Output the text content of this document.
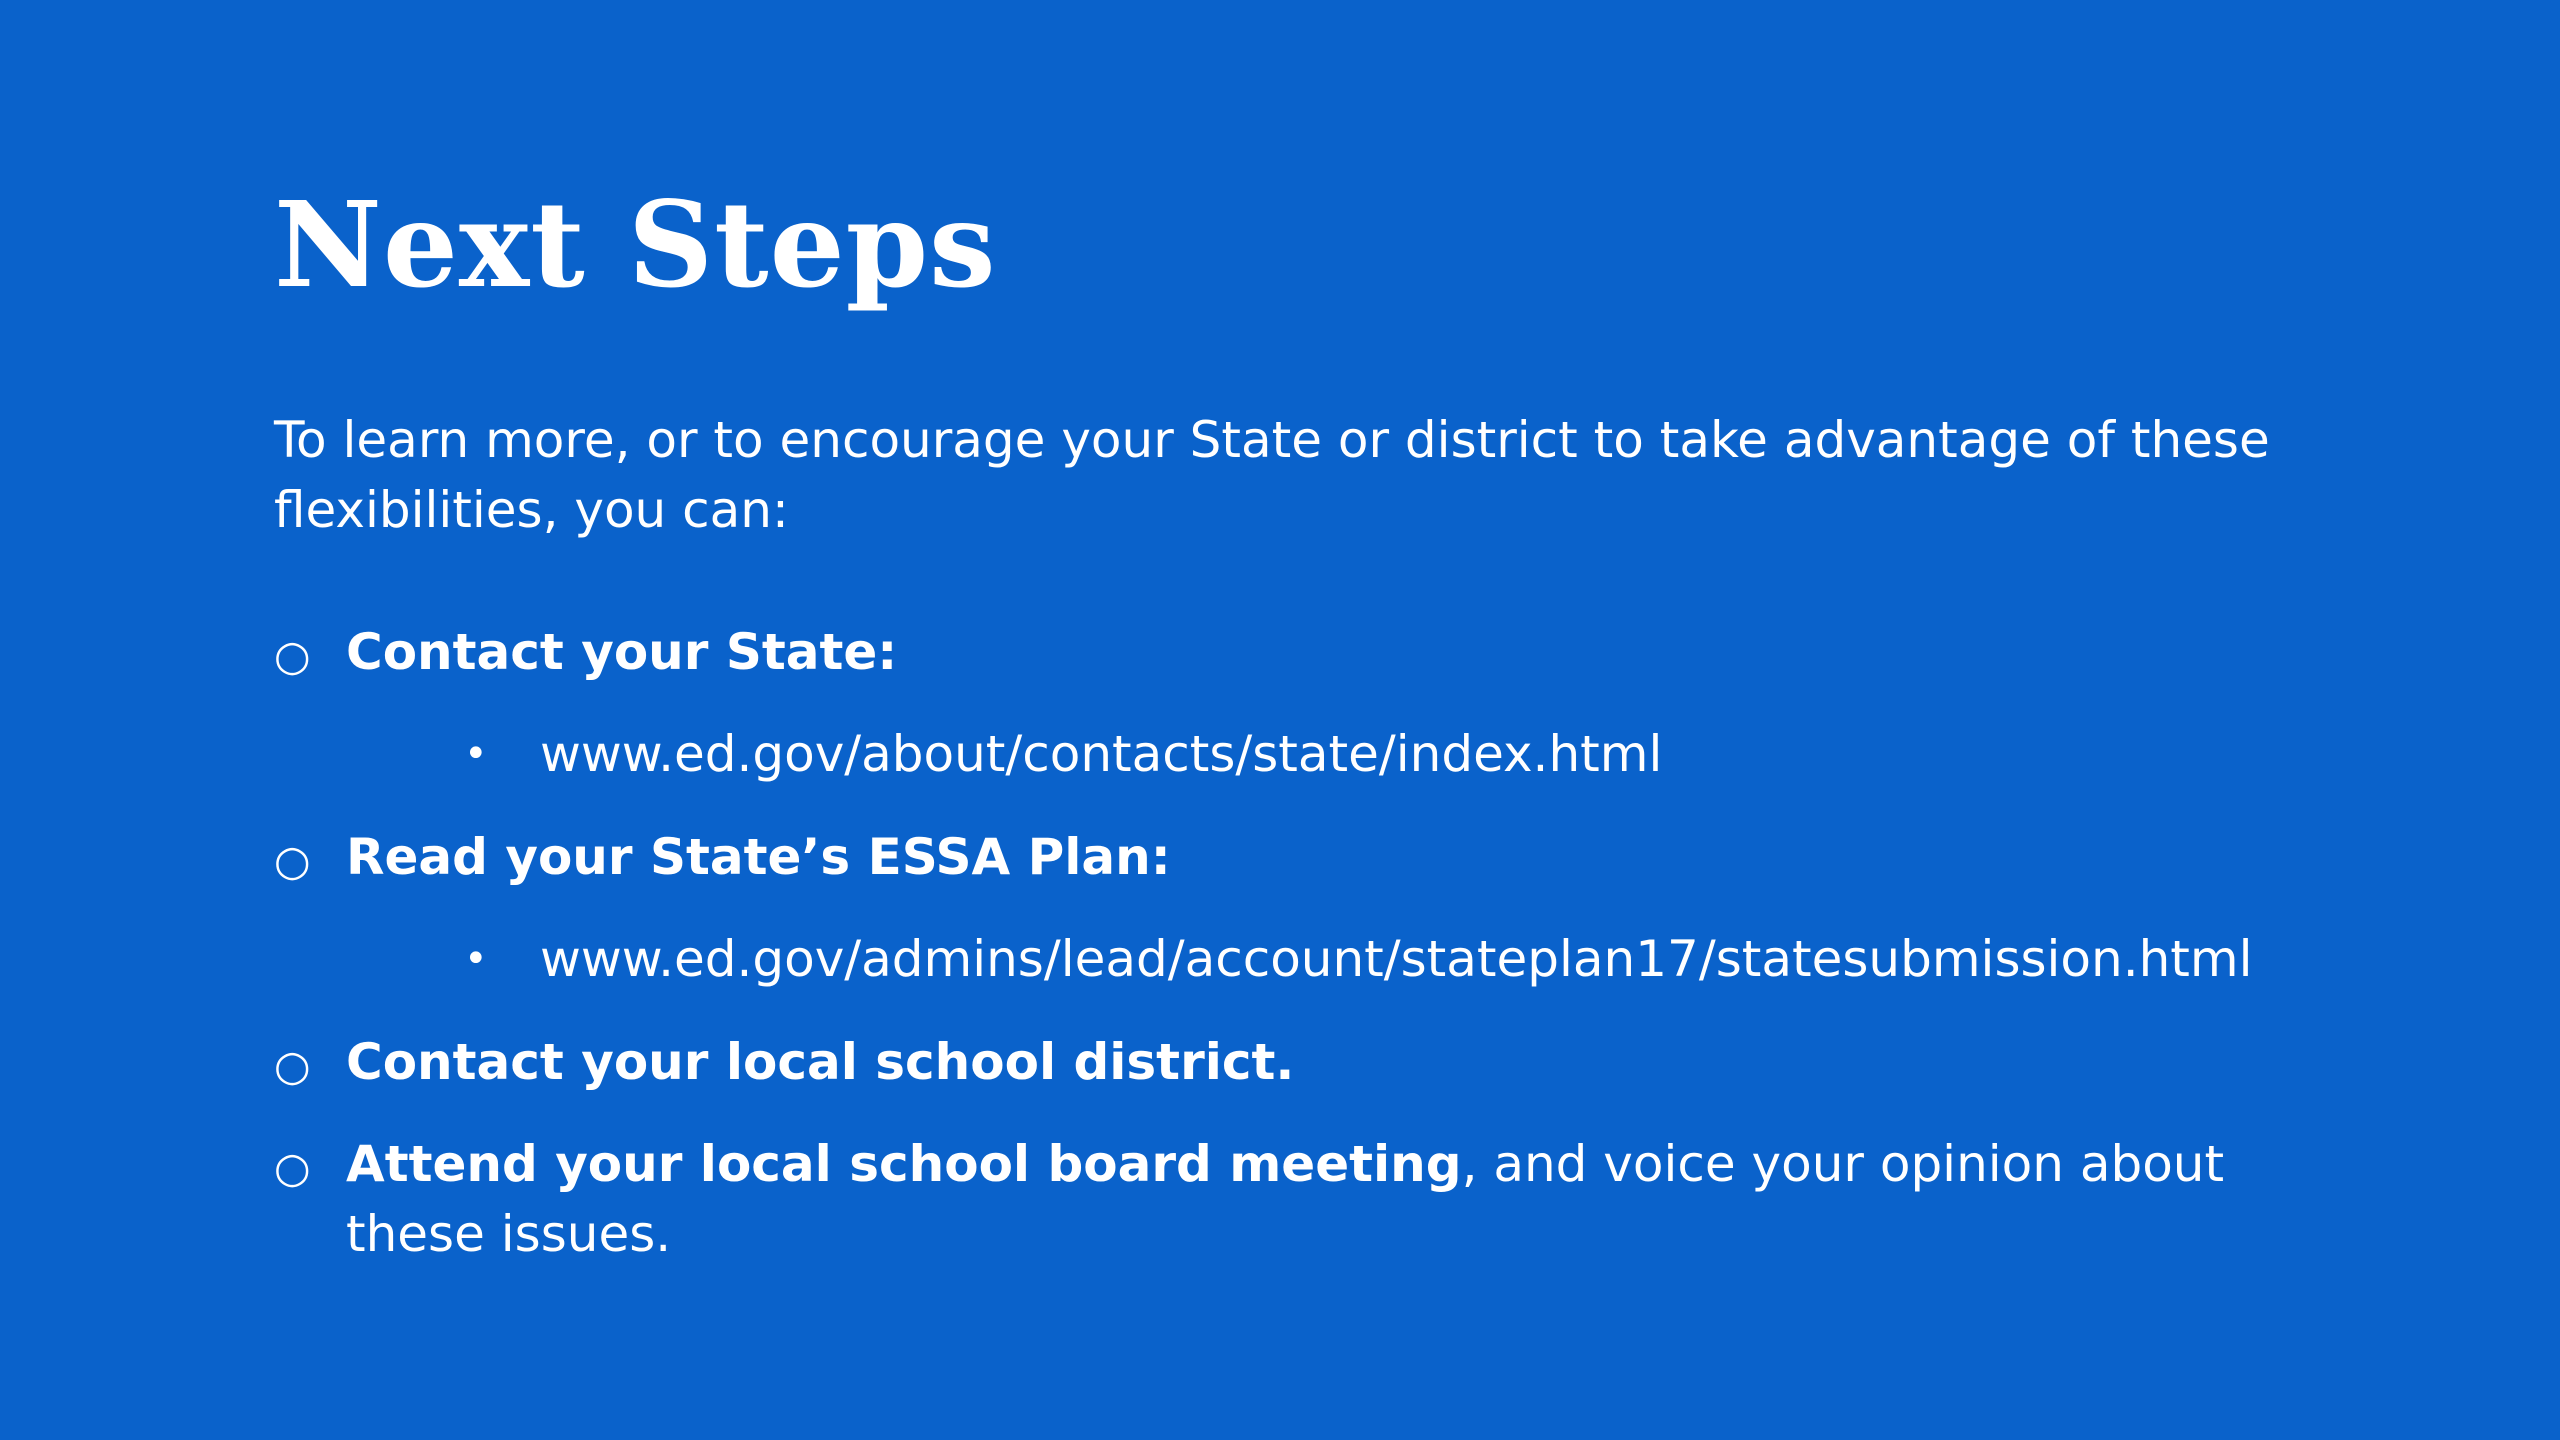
Next Steps

To learn more, or to encourage your State or district to take advantage of these flexibilities, you can:

○ Contact your State:
• www.ed.gov/about/contacts/state/index.html
○ Read your State’s ESSA Plan:
• www.ed.gov/admins/lead/account/stateplan17/statesubmission.html
○ Contact your local school district.
○ Attend your local school board meeting, and voice your opinion about these issues.
